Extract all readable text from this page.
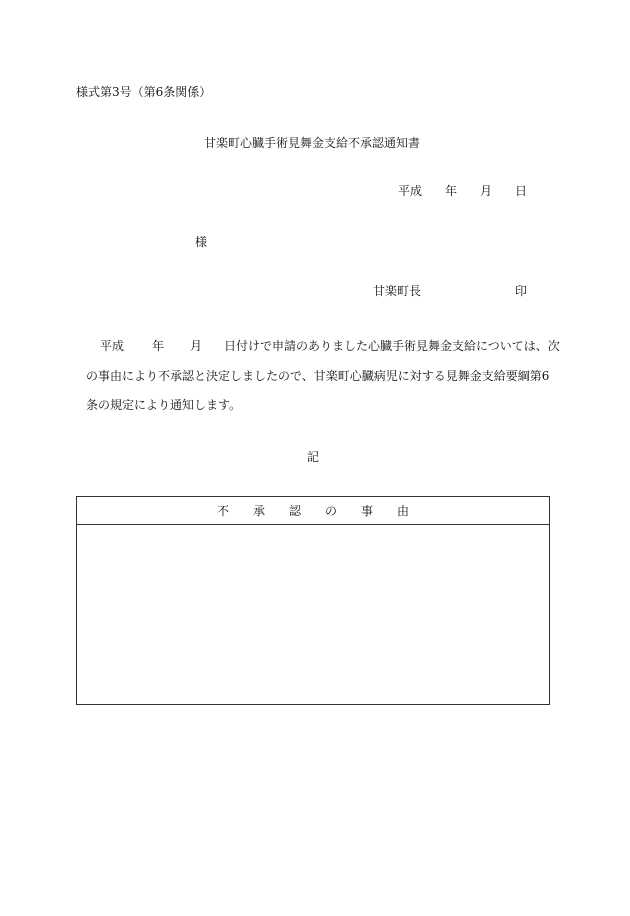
様式第3号（第6条関係）
甘楽町心臓手術見舞金支給不承認通知書
平成 年 月 日
様
甘楽町長	印
平成 年 月 日付けで申請のありました心臓手術見舞金支給については、次
の事由により不承認と決定しましたので、甘楽町心臓病児に対する見舞金支給要綱第6
条の規定により通知します。
記
不	承	認	の	事	由
